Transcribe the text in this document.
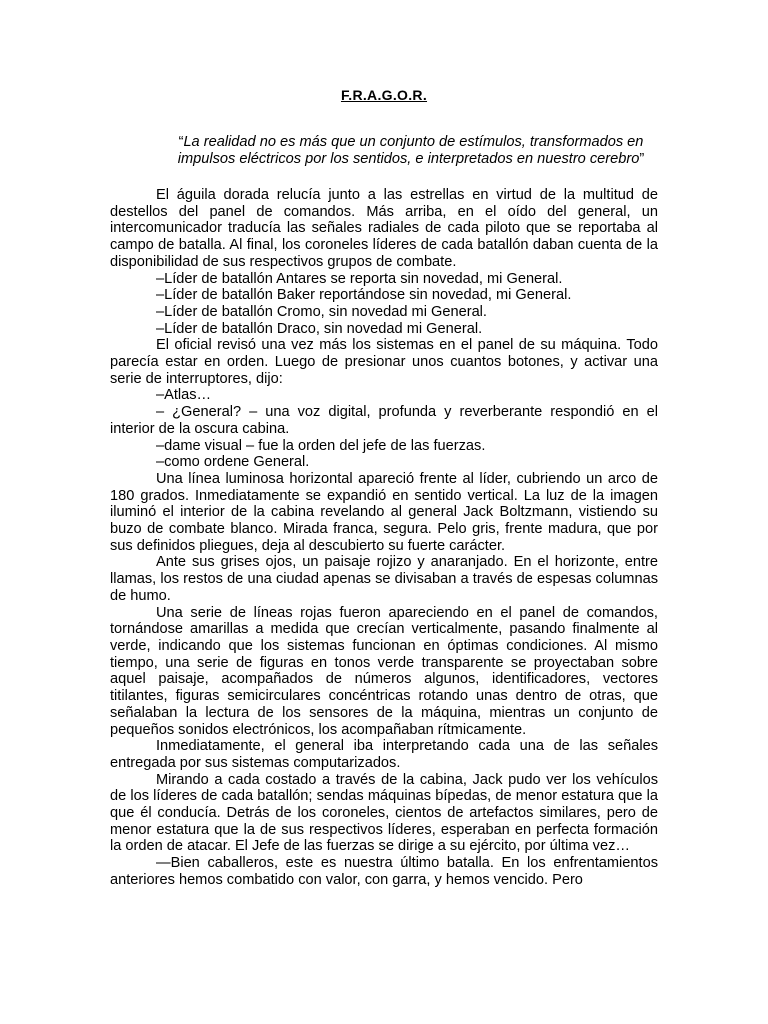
F.R.A.G.O.R.
“La realidad no es más que un conjunto de estímulos, transformados en impulsos eléctricos por los sentidos, e interpretados en nuestro cerebro”

El águila dorada relucía junto a las estrellas en virtud de la multitud de destellos del panel de comandos. Más arriba, en el oído del general, un intercomunicador traducía las señales radiales de cada piloto que se reportaba al campo de batalla. Al final, los coroneles líderes de cada batallón daban cuenta de la disponibilidad de sus respectivos grupos de combate.

–Líder de batallón Antares se reporta sin novedad, mi General.

–Líder de batallón Baker reportándose sin novedad, mi General.

–Líder de batallón Cromo, sin novedad mi General.

–Líder de batallón Draco, sin novedad mi General.

El oficial revisó una vez más los sistemas en el panel de su máquina. Todo parecía estar en orden. Luego de presionar unos cuantos botones, y activar una serie de interruptores, dijo:

–Atlas…

– ¿General? – una voz digital, profunda y reverberante respondió en el interior de la oscura cabina.

–dame visual – fue la orden del jefe de las fuerzas.

–como ordene General.

Una línea luminosa horizontal apareció frente al líder, cubriendo un arco de 180 grados. Inmediatamente se expandió en sentido vertical. La luz de la imagen iluminó el interior de la cabina revelando al general Jack Boltzmann, vistiendo su buzo de combate blanco. Mirada franca, segura. Pelo gris, frente madura, que por sus definidos pliegues, deja al descubierto su fuerte carácter.

Ante sus grises ojos, un paisaje rojizo y anaranjado. En el horizonte, entre llamas, los restos de una ciudad apenas se divisaban a través de espesas columnas de humo.

Una serie de líneas rojas fueron apareciendo en el panel de comandos, tornándose amarillas a medida que crecían verticalmente, pasando finalmente al verde, indicando que los sistemas funcionan en óptimas condiciones. Al mismo tiempo, una serie de figuras en tonos verde transparente se proyectaban sobre aquel paisaje, acompañados de números algunos, identificadores, vectores titilantes, figuras semicirculares concéntricas rotando unas dentro de otras, que señalaban la lectura de los sensores de la máquina, mientras un conjunto de pequeños sonidos electrónicos, los acompañaban rítmicamente.

Inmediatamente, el general iba interpretando cada una de las señales entregada por sus sistemas computarizados.

Mirando a cada costado a través de la cabina, Jack pudo ver los vehículos de los líderes de cada batallón; sendas máquinas bípedas, de menor estatura que la que él conducía. Detrás de los coroneles, cientos de artefactos similares, pero de menor estatura que la de sus respectivos líderes, esperaban en perfecta formación la orden de atacar. El Jefe de las fuerzas se dirige a su ejército, por última vez…

—Bien caballeros, este es nuestra último batalla. En los enfrentamientos anteriores hemos combatido con valor, con garra, y hemos vencido. Pero
